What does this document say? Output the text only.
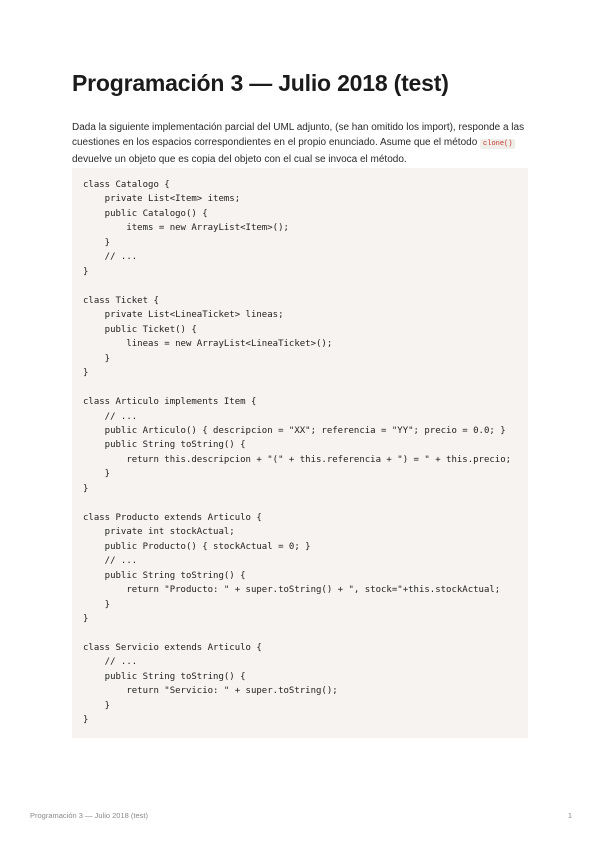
Programación 3 — Julio 2018 (test)

Dada la siguiente implementación parcial del UML adjunto, (se han omitido los import), responde a las cuestiones en los espacios correspondientes en el propio enunciado. Asume que el método clone() devuelve un objeto que es copia del objeto con el cual se invoca el método.

class Catalogo {
private List<Item> items;
public Catalogo() {
items = new ArrayList<Item>();
}
// ...
}
class Ticket {
private List<LineaTicket> lineas;
public Ticket() {
lineas = new ArrayList<LineaTicket>();
}
}
class Articulo implements Item {
// ...
public Articulo() { descripcion = "XX"; referencia = "YY"; precio = 0.0; }
public String toString() {
return this.descripcion + "(" + this.referencia + ") = " + this.precio;
}
}
class Producto extends Articulo {
private int stockActual;
public Producto() { stockActual = 0; }
// ...
public String toString() {
return "Producto: " + super.toString() + ", stock="+this.stockActual;
}
}
class Servicio extends Articulo {
// ...
public String toString() {
return "Servicio: " + super.toString();
}
}
Programación 3 — Julio 2018 (test)	1
